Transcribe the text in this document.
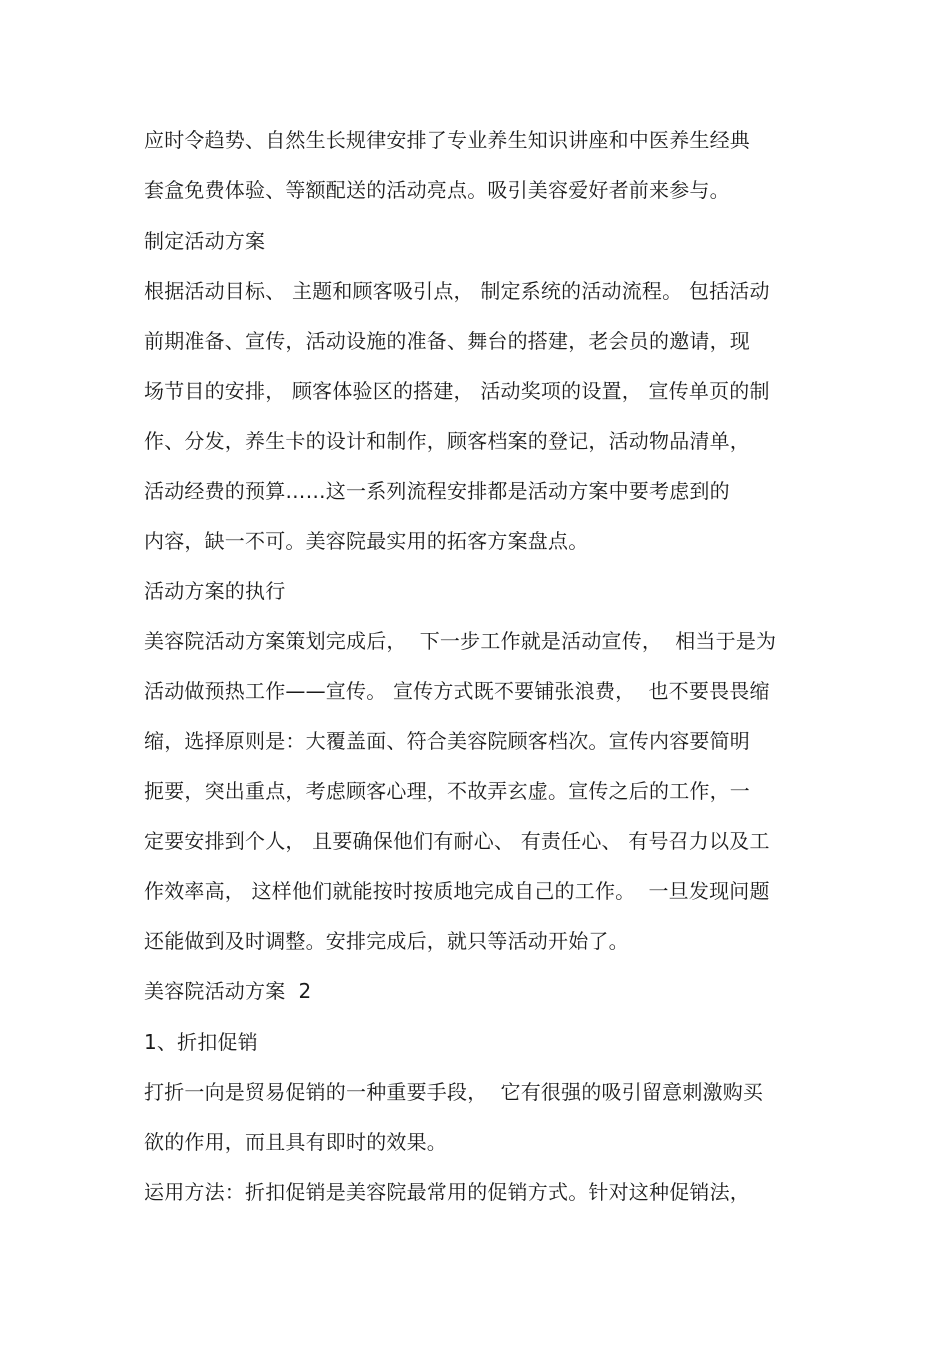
应时令趋势、自然生长规律安排了专业养生知识讲座和中医养生经典
套盒免费体验、等额配送的活动亮点。吸引美容爱好者前来参与。
制定活动方案
根据活动目标、 主题和顾客吸引点， 制定系统的活动流程。 包括活动
前期准备、宣传，活动设施的准备、舞台的搭建，老会员的邀请，现
场节目的安排， 顾客体验区的搭建， 活动奖项的设置， 宣传单页的制
作、分发，养生卡的设计和制作，顾客档案的登记，活动物品清单，
活动经费的预算……这一系列流程安排都是活动方案中要考虑到的
内容，缺一不可。美容院最实用的拓客方案盘点。
活动方案的执行
美容院活动方案策划完成后，  下一步工作就是活动宣传，  相当于是为
活动做预热工作——宣传。 宣传方式既不要铺张浪费，  也不要畏畏缩
缩，选择原则是：大覆盖面、符合美容院顾客档次。宣传内容要简明
扼要，突出重点，考虑顾客心理，不故弄玄虚。宣传之后的工作，一
定要安排到个人， 且要确保他们有耐心、 有责任心、 有号召力以及工
作效率高， 这样他们就能按时按质地完成自己的工作。  一旦发现问题
还能做到及时调整。安排完成后，就只等活动开始了。
美容院活动方案  2
1、折扣促销
打折一向是贸易促销的一种重要手段，  它有很强的吸引留意刺激购买
欲的作用，而且具有即时的效果。
运用方法：折扣促销是美容院最常用的促销方式。针对这种促销法，
